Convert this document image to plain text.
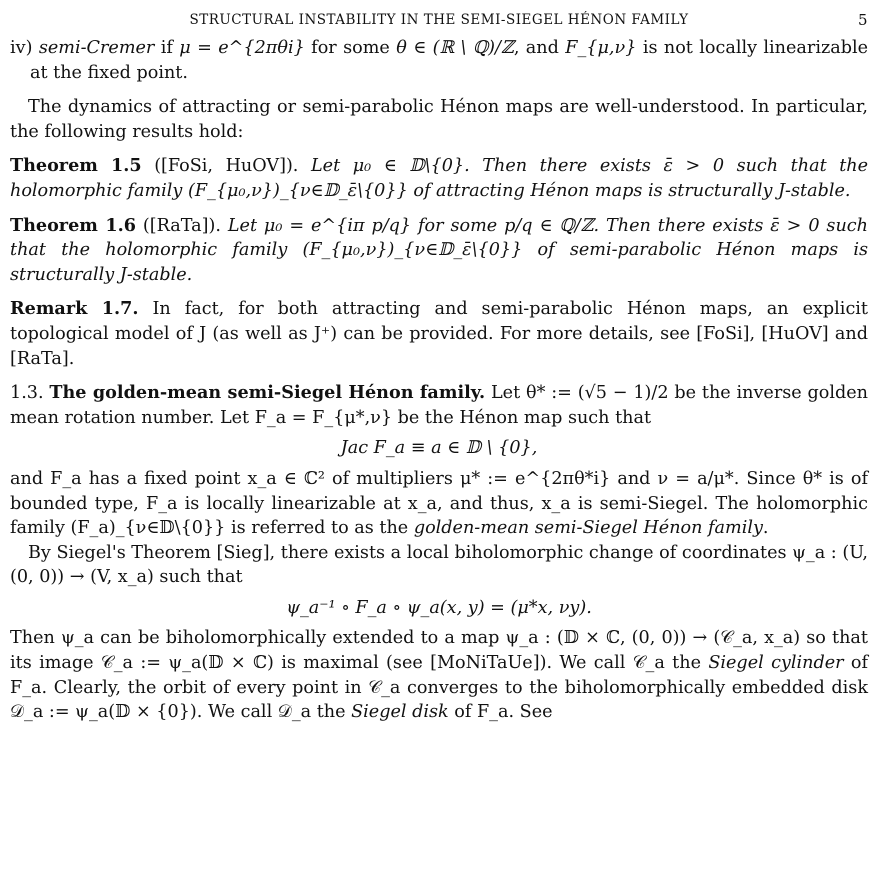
STRUCTURAL INSTABILITY IN THE SEMI-SIEGEL HÉNON FAMILY	5

iv) semi-Cremer if μ = e^{2πθi} for some θ ∈ (ℝ \ ℚ)/ℤ, and F_{μ,ν} is not locally linearizable at the fixed point.

The dynamics of attracting or semi-parabolic Hénon maps are well-understood. In particular, the following results hold:

Theorem 1.5 ([FoSi, HuOV]). Let μ₀ ∈ 𝔻\{0}. Then there exists ε̄ > 0 such that the holomorphic family (F_{μ₀,ν})_{ν∈𝔻_ε̄\{0}} of attracting Hénon maps is structurally J-stable.

Theorem 1.6 ([RaTa]). Let μ₀ = e^{iπ p/q} for some p/q ∈ ℚ/ℤ. Then there exists ε̄ > 0 such that the holomorphic family (F_{μ₀,ν})_{ν∈𝔻_ε̄\{0}} of semi-parabolic Hénon maps is structurally J-stable.

Remark 1.7. In fact, for both attracting and semi-parabolic Hénon maps, an explicit topological model of J (as well as J⁺) can be provided. For more details, see [FoSi], [HuOV] and [RaTa].

1.3. The golden-mean semi-Siegel Hénon family. Let θ* := (√5 − 1)/2 be the inverse golden mean rotation number. Let F_a = F_{μ*,ν} be the Hénon map such that

Jac F_a ≡ a ∈ 𝔻 \ {0},

and F_a has a fixed point x_a ∈ ℂ² of multipliers μ* := e^{2πθ*i} and ν = a/μ*. Since θ* is of bounded type, F_a is locally linearizable at x_a, and thus, x_a is semi-Siegel. The holomorphic family (F_a)_{ν∈𝔻\{0}} is referred to as the golden-mean semi-Siegel Hénon family.

By Siegel's Theorem [Sieg], there exists a local biholomorphic change of coordinates ψ_a : (U, (0, 0)) → (V, x_a) such that

ψ_a⁻¹ ∘ F_a ∘ ψ_a(x, y) = (μ*x, νy).

Then ψ_a can be biholomorphically extended to a map ψ_a : (𝔻 × ℂ, (0, 0)) → (𝒞_a, x_a) so that its image 𝒞_a := ψ_a(𝔻 × ℂ) is maximal (see [MoNiTaUe]). We call 𝒞_a the Siegel cylinder of F_a. Clearly, the orbit of every point in 𝒞_a converges to the biholomorphically embedded disk 𝒟_a := ψ_a(𝔻 × {0}). We call 𝒟_a the Siegel disk of F_a. See
